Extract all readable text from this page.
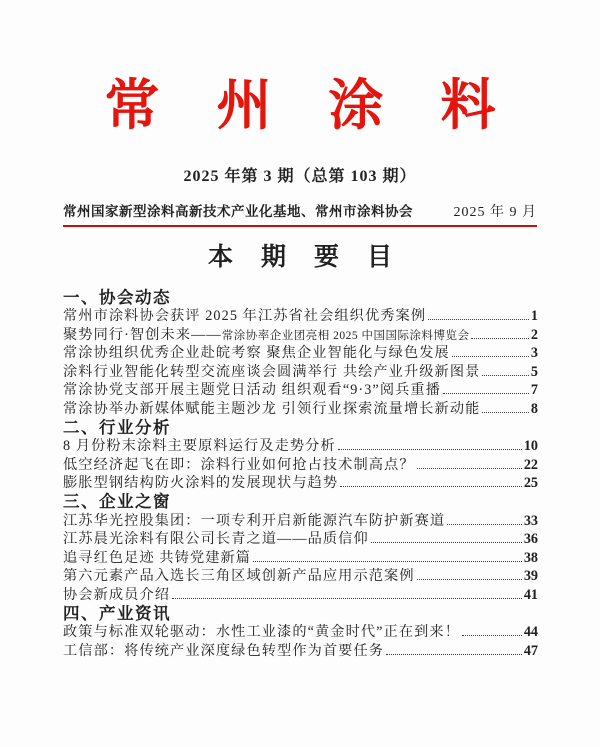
常州涂料
2025 年第 3 期（总第 103 期）
常州国家新型涂料高新技术产业化基地、常州市涂料协会	2025 年 9 月
本期要目
一、协会动态
常州市涂料协会获评 2025 年江苏省社会组织优秀案例	1
聚势同行·智创未来—— 常涂协率企业团亮相 2025 中国国际涂料博览会	2
常涂协组织优秀企业赴皖考察 聚焦企业智能化与绿色发展	3
涂料行业智能化转型交流座谈会圆满举行 共绘产业升级新图景	5
常涂协党支部开展主题党日活动 组织观看“9·3”阅兵重播	7
常涂协举办新媒体赋能主题沙龙 引领行业探索流量增长新动能	8
二、行业分析
8 月份粉末涂料主要原料运行及走势分析	10
低空经济起飞在即：涂料行业如何抢占技术制高点？	22
膨胀型钢结构防火涂料的发展现状与趋势	25
三、企业之窗
江苏华光控股集团：一项专利开启新能源汽车防护新赛道	33
江苏晨光涂料有限公司长青之道——品质信仰	36
追寻红色足迹 共铸党建新篇	38
第六元素产品入选长三角区域创新产品应用示范案例	39
协会新成员介绍	41
四、产业资讯
政策与标准双轮驱动：水性工业漆的“黄金时代”正在到来！	44
工信部：将传统产业深度绿色转型作为首要任务	47
